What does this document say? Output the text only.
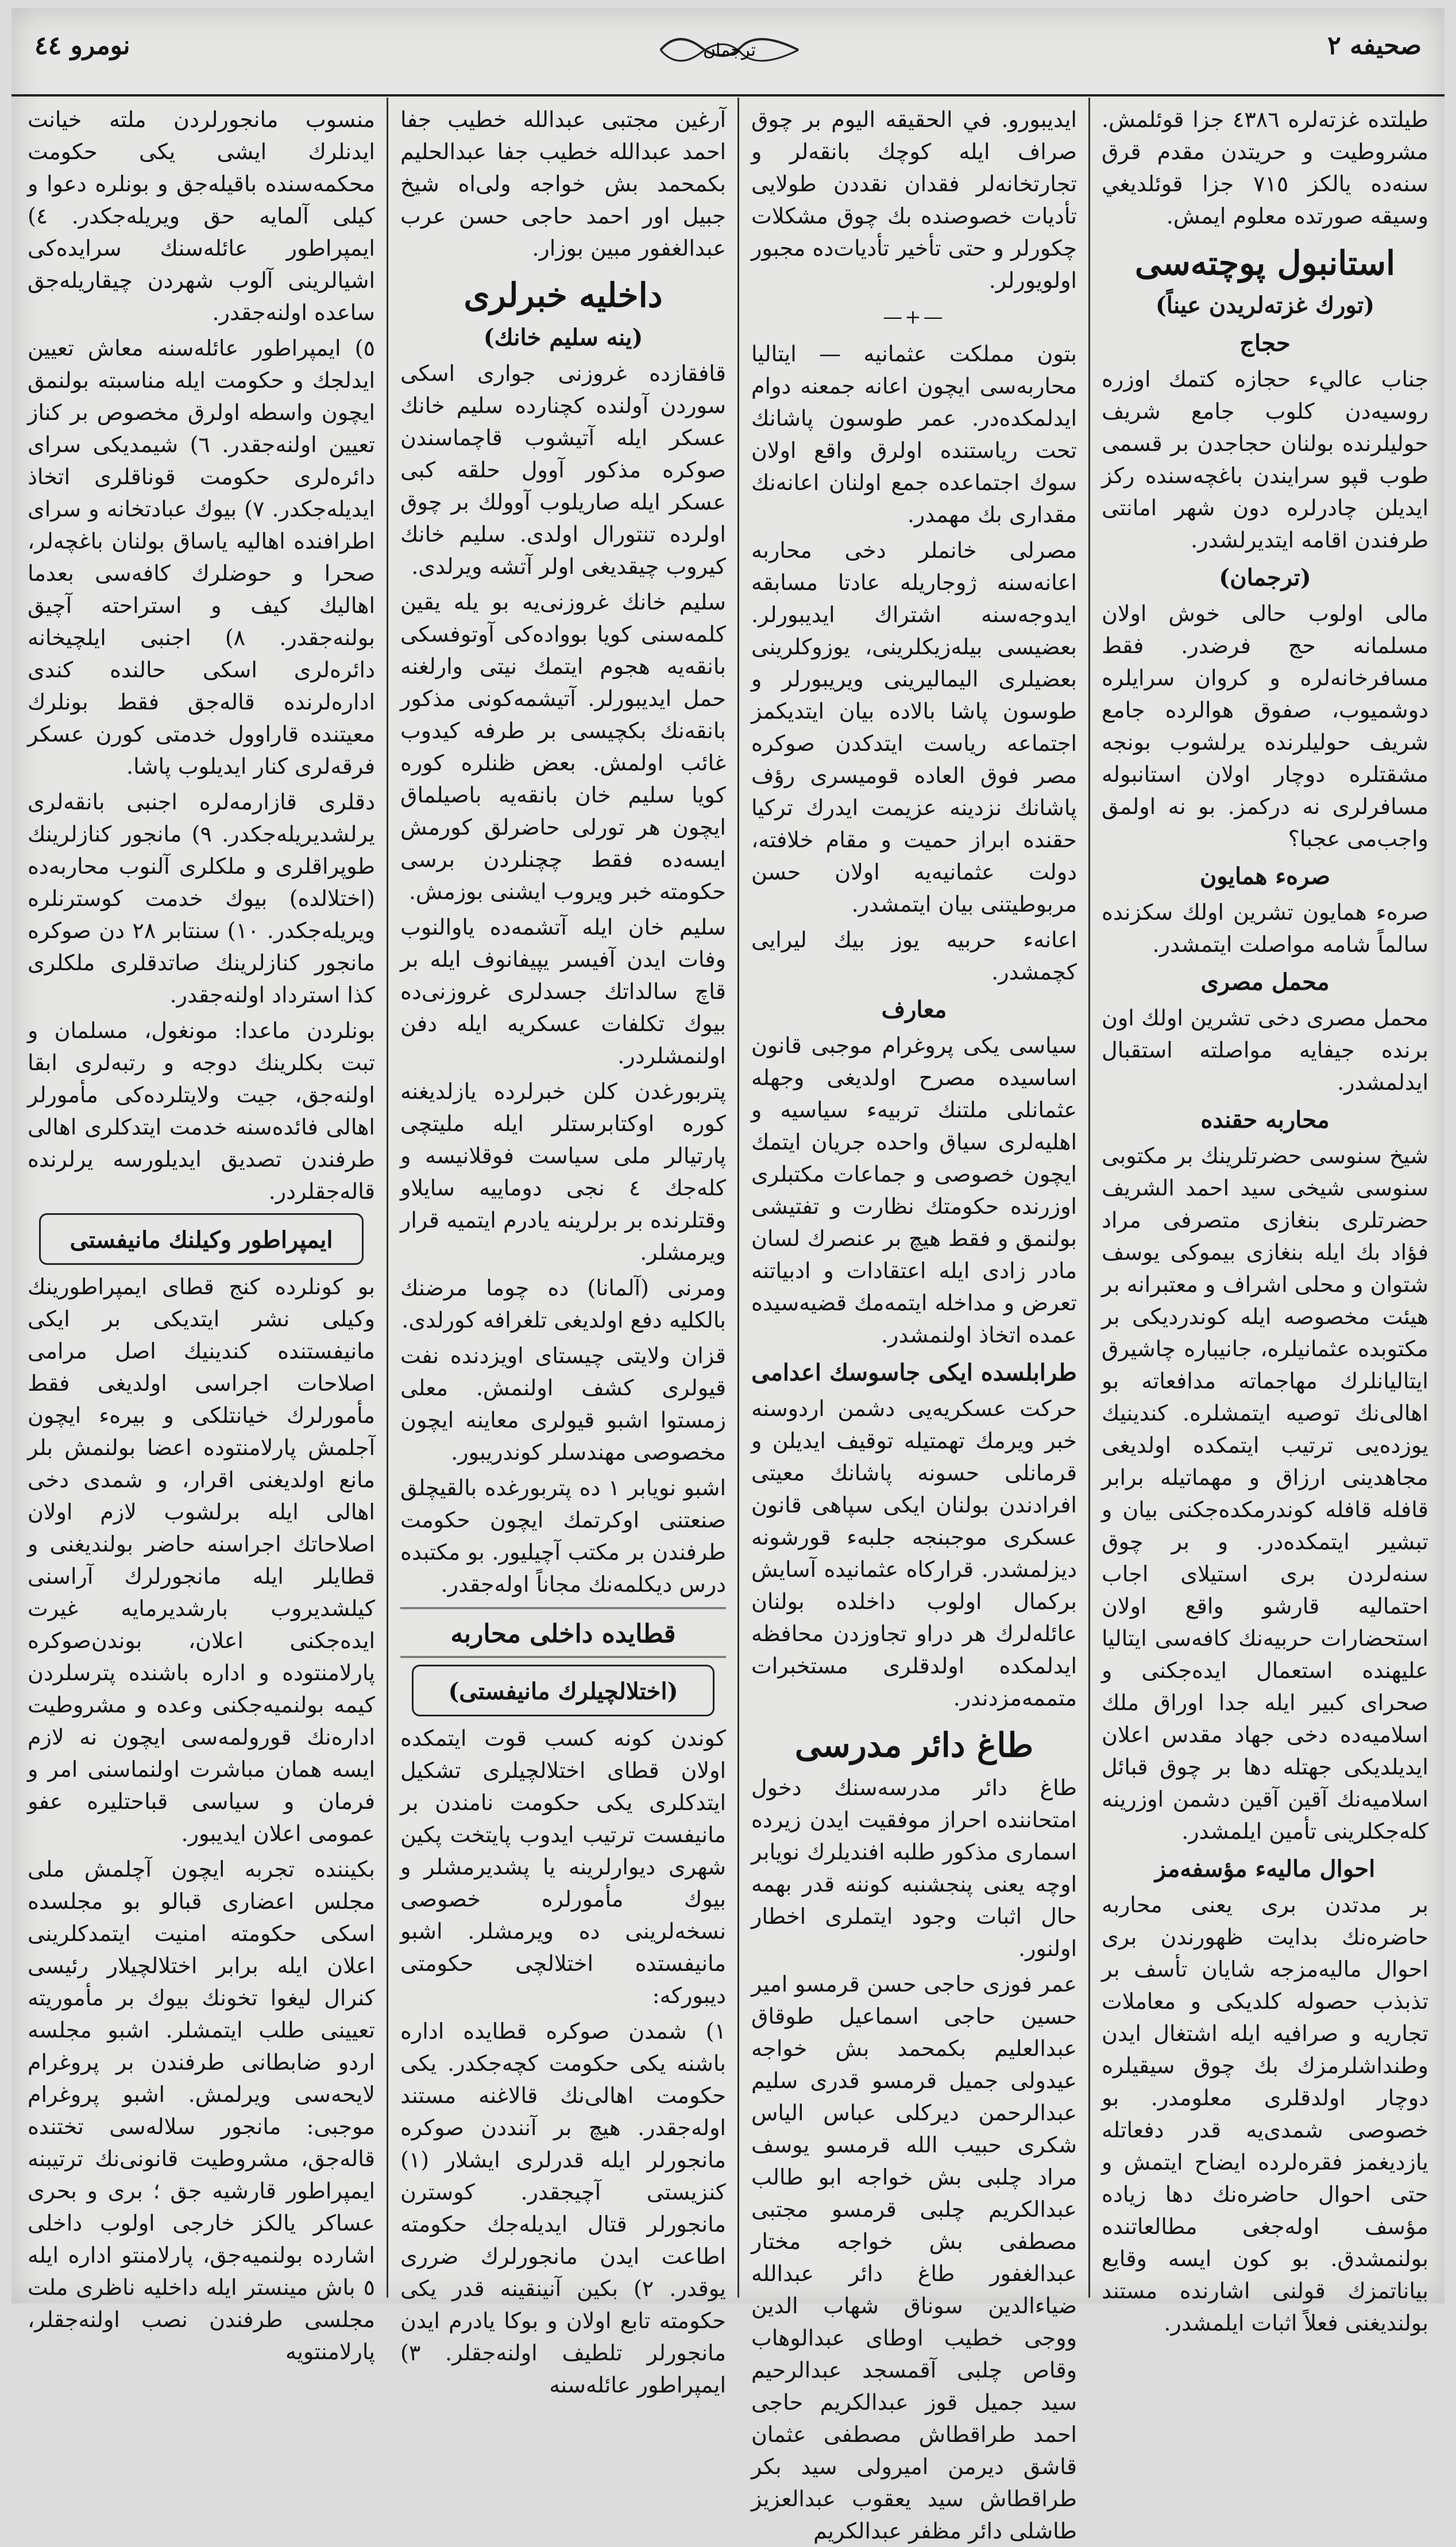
نومرو ٤٤	ترجمان	صحيفه ٢

طيلتده غزته‌لره ٤٣٨٦ جزا قوئلمش. مشروطيت و حريتدن مقدم قرق سنه‌ده يالكز ٧١٥ جزا قوئلديغي وسيقه صورتده معلوم ايمش.

استانبول پوچته‌سى
(تورك غزته‌لريدن عيناً)
حجاج

جناب عاليء حجازه كتمك اوزره روسيه‌دن كلوب جامع شريف حوليلرنده بولنان حجاجدن بر قسمى طوب قپو سرايندن باغچه‌سنده ركز ايديلن چادرلره دون شهر امانتى طرفندن اقامه ايتديرلشدر.

(ترجمان)

مالى اولوب حالى خوش اولان مسلمانه حج فرضدر. فقط مسافرخانه‌لره و كروان سرايلره دوشميوب، صفوق هوالرده جامع شريف حوليلرنده يرلشوب بونجه مشقتلره دوچار اولان استانبوله مسافرلرى نه دركمز. بو نه اولمق واجب‌مى عجبا؟

صرهء همايون

صرهء همايون تشرين اولك سكزنده سالماً شامه مواصلت ايتمشدر.

محمل مصرى

محمل مصرى دخى تشرين اولك اون برنده جيفايه مواصلته استقبال ايدلمشدر.

محاربه حقنده

شيخ سنوسى حضرتلرينك بر مكتوبى سنوسى شيخى سيد احمد الشريف حضرتلرى بنغازى متصرفى مراد فؤاد بك ايله بنغازى بيموكى يوسف شتوان و محلى اشراف و معتبرانه بر هيئت مخصوصه ايله كوندرديكى بر مكتوبده عثمانيلره، جانيباره چاشيرق ايتاليانلرك مهاجماته مدافعاته بو اهالى‌نك توصيه ايتمشلره. كندينيك يوزده‌يى ترتيب ايتمكده اولديغى مجاهدينى ارزاق و مهماتيله برابر قافله قافله كوندرمكده‌جكنى بيان و تبشير ايتمكده‌در. و بر چوق سنه‌لردن برى استيلاى اجاب احتماليه قارشو واقع اولان استحضارات حربيه‌نك كافه‌سى ايتاليا عليهنده استعمال ايده‌جكنى و صحراى كبير ايله جدا اوراق ملك اسلاميه‌ده دخى جهاد مقدس اعلان ايديلديكى جهتله دها بر چوق قبائل اسلاميه‌نك آقين آقين دشمن اوزرينه كله‌جكلرينى تأمين ايلمشدر.

احوال ماليهء مؤسفه‌مز

بر مدتدن برى يعنى محاربه حاضره‌نك بدايت ظهورندن برى احوال ماليه‌مزجه شايان تأسف بر تذبذب حصوله كلديكى و معاملات تجاريه و صرافيه ايله اشتغال ايدن وطنداشلرمزك بك چوق سيقيلره دوچار اولدقلرى معلومدر. بو خصوصى شمدى‌يه قدر دفعاتله يازديغمز فقره‌لرده ايضاح ايتمش و حتى احوال حاضره‌نك دها زياده مؤسف اوله‌جغى مطالعاتنده بولنمشدق. بو كون ايسه وقايع بياناتمزك قولنى اشارنده مستند بولنديغنى فعلاً اثبات ايلمشدر.

ايديبورو. في الحقيقه اليوم بر چوق صراف ايله كوچك بانقه‌لر و تجارتخانه‌لر فقدان نقددن طولايى تأديات خصوصنده بك چوق مشكلات چكورلر و حتى تأخير تأديات‌ده مجبور اولويورلر.

—+—

بتون مملكت عثمانيه — ايتاليا محاربه‌سى ايچون اعانه جمعنه دوام ايدلمكده‌در. عمر طوسون پاشانك تحت رياستنده اولرق واقع اولان سوك اجتماعده جمع اولنان اعانه‌نك مقدارى بك مهمدر.

مصرلى خانملر دخى محاربه اعانه‌سنه ژوجاريله عادتا مسابقه ايدوجه‌سنه اشتراك ايديبورلر. بعضيسى بيله‌زيكلرينى، يوزوكلرينى بعضيلرى اليماليرينى ويريبورلر و طوسون پاشا بالاده بيان ايتديكمز اجتماعه رياست ايتدكدن صوكره مصر فوق العاده قوميسرى رؤف پاشانك نزدينه عزيمت ايدرك تركيا حقنده ابراز حميت و مقام خلافته، دولت عثمانيه‌يه اولان حسن مربوطيتنى بيان ايتمشدر.

اعانهء حربيه يوز بيك ليرايى كچمشدر.

معارف

سياسى يكى پروغرام موجبى قانون اساسيده مصرح اولديغى وجهله عثمانلى ملتنك تربيهء سياسيه و اهليه‌لرى سياق واحده جريان ايتمك ايچون خصوصى و جماعات مكتبلرى اوزرنده حكومتك نظارت و تفتيشى بولنمق و فقط هيچ بر عنصرك لسان مادر زادى ايله اعتقادات و ادبياتنه تعرض و مداخله ايتمه‌مك قضيه‌سيده عمده اتخاذ اولنمشدر.

طرابلسده ايكى جاسوسك اعدامى

حركت عسكريه‌يى دشمن اردوسنه خبر ويرمك تهمتيله توقيف ايديلن و قرمانلى حسونه پاشانك معيتى افرادندن بولنان ايكى سپاهى قانون عسكرى موجبنجه جلبهء قورشونه ديزلمشدر. قراركاه عثمانيده آسايش بركمال اولوب داخلده بولنان عائله‌لرك هر دراو تجاوزدن محافظه ايدلمكده اولدقلرى مستخبرات متممه‌مزدندر.

طاغ دائر مدرسى

طاغ دائر مدرسه‌سنك دخول امتحاننده احراز موفقيت ايدن زيرده اسمارى مذكور طلبه افنديلرك نويابر اوچه يعنى پنجشنبه كوننه قدر بهمه حال اثبات وجود ايتملرى اخطار اولنور.

عمر فوزى حاجى حسن قرمسو امير حسين حاجى اسماعيل طوقاق عبدالعليم بكمحمد بش خواجه عيدولى جميل قرمسو قدرى سليم عبدالرحمن ديركلى عباس الياس شكرى حبيب الله قرمسو يوسف مراد چلبى بش خواجه ابو طالب عبدالكريم چلبى قرمسو مجتبى مصطفى بش خواجه مختار عبدالغفور طاغ دائر عبدالله ضياءالدين سوناق شهاب الدين ووجى خطيب اوطاى عبدالوهاب وقاص چلبى آقمسجد عبدالرحيم سيد جميل قوز عبدالكريم حاجى احمد طراقطاش مصطفى عثمان قاشق ديرمن اميرولى سيد بكر طراقطاش سيد يعقوب عبدالعزيز طاشلى دائر مظفر عبدالكريم

آرغين مجتبى عبدالله خطيب جفا احمد عبدالله خطيب جفا عبدالحليم بكمحمد بش خواجه ولى‌اه شيخ جبيل اور احمد حاجى حسن عرب عبدالغفور مبين بوزار.

داخليه خبرلرى
(ينه سليم خانك)

قافقازده غروزنى جوارى اسكى سوردن آولنده كچنارده سليم خانك عسكر ايله آتيشوب قاچماسندن صوكره مذكور آوول حلقه كبى عسكر ايله صاريلوب آوولك بر چوق اولرده تنتورال اولدى. سليم خانك كيروب چيقديغى اولر آتشه ويرلدى.

سليم خانك غروزنى‌يه بو يله يقين كلمه‌سنى كويا بوواده‌كى آوتوفسكى بانقه‌يه هجوم ايتمك نيتى وارلغنه حمل ايديبورلر. آتيشمه‌كونى مذكور بانقه‌نك بكچيسى بر طرفه كيدوب غائب اولمش. بعض ظنلره كوره كويا سليم خان بانقه‌يه باصيلماق ايچون هر تورلى حاضرلق كورمش ايسه‌ده فقط چچنلردن برسى حكومته خبر ويروب ايشنى بوزمش.

سليم خان ايله آتشمه‌ده ياوالنوب وفات ايدن آفيسر يپيفانوف ايله بر قاچ سالداتك جسدلرى غروزنى‌ده بيوك تكلفات عسكريه ايله دفن اولنمشلردر.

پتربورغدن كلن خبرلرده يازلديغنه كوره اوكتابرستلر ايله مليتچى پارتيالر ملى سياست فوقلانيسه و كله‌جك ٤ نجى دوماييه سايلاو وقتلرنده بر برلرينه يادرم ايتميه قرار ويرمشلر.

ومرنى (آلمانا) ده چوما مرضنك بالكليه دفع اولديغى تلغرافه كورلدى.

قزان ولايتى چيستاى اويزدنده نفت قيولرى كشف اولنمش. معلى زمستوا اشبو قيولرى معاينه ايچون مخصوصى مهندسلر كوندريبور.

اشبو نويابر ١ ده پتربورغده بالقيچلق صنعتنى اوكرتمك ايچون حكومت طرفندن بر مكتب آچيليور. بو مكتبده درس ديكلمه‌نك مجاناً اوله‌جقدر.

قطايده داخلى محاربه
(اختلالچيلرك مانيفستى)

كوندن كونه كسب قوت ايتمكده اولان قطاى اختلالچيلرى تشكيل ايتدكلرى يكى حكومت نامندن بر مانيفست ترتيب ايدوب پايتخت پكين شهرى ديوارلرينه يا پشديرمشلر و بيوك مأمورلره خصوصى نسخه‌لرينى ده ويرمشلر. اشبو مانيفستده اختلالچى حكومتى ديبوركه:

١) شمدن صوكره قطايده اداره باشنه يكى حكومت كچه‌جكدر. يكى حكومت اهالى‌نك قالاغنه مستند اوله‌جقدر. هيچ بر آننددن صوكره مانجورلر ايله قدرلرى ايشلار (١) كنزيستى آچيجقدر. كوسترن مانجورلر قتال ايديله‌جك حكومته اطاعت ايدن مانجورلرك ضررى يوقدر. ٢) بكين آنينقينه قدر يكى حكومته تابع اولان و بوكا يادرم ايدن مانجورلر تلطيف اولنه‌جقلر. ٣) ايمپراطور عائله‌سنه

منسوب مانجورلردن ملته خيانت ايدنلرك ايشى يكى حكومت محكمه‌سنده باقيله‌جق و بونلره دعوا و كيلى آلمايه حق ويريله‌جكدر. ٤) ايمپراطور عائله‌سنك سرايده‌كى اشيالرينى آلوب شهردن چيقاريله‌جق ساعده اولنه‌جقدر.

٥) ايمپراطور عائله‌سنه معاش تعيين ايدلجك و حكومت ايله مناسبته بولنمق ايچون واسطه اولرق مخصوص بر كناز تعيين اولنه‌جقدر. ٦) شيمديكى سراى دائره‌لرى حكومت قوناقلرى اتخاذ ايديله‌جكدر. ٧) بيوك عبادتخانه و سراى اطرافنده اهاليه ياساق بولنان باغچه‌لر، صحرا و حوضلرك كافه‌سى بعدما اهاليك كيف و استراحته آچيق بولنه‌جقدر. ٨) اجنبى ايلچيخانه دائره‌لرى اسكى حالنده كندى اداره‌لرنده قاله‌جق فقط بونلرك معيتنده قاراوول خدمتى كورن عسكر فرقه‌لرى كنار ايديلوب پاشا.

دقلرى قازارمه‌لره اجنبى بانقه‌لرى يرلشديريله‌جكدر. ٩) مانجور كنازلرينك طوپراقلرى و ملكلرى آلنوب محاربه‌ده (اختلالده) بيوك خدمت كوسترنلره ويريله‌جكدر. ١٠) سنتابر ٢٨ دن صوكره مانجور كنازلرينك صاتدقلرى ملكلرى كذا استرداد اولنه‌جقدر.

بونلردن ماعدا: مونغول، مسلمان و تبت بكلرينك دوجه و رتبه‌لرى ابقا اولنه‌جق، جيت ولايتلرده‌كى مأمورلر اهالى فائده‌سنه خدمت ايتدكلرى اهالى طرفندن تصديق ايديلورسه يرلرنده قاله‌جقلردر.

ايمپراطور وكيلنك مانيفستى

بو كونلرده كنج قطاى ايمپراطورينك وكيلى نشر ايتديكى بر ايكى مانيفستنده كندينيك اصل مرامى اصلاحات اجراسى اولديغى فقط مأمورلرك خيانتلكى و بيرهء ايچون آجلمش پارلامنتوده اعضا بولنمش بلر مانع اولديغنى اقرار، و شمدى دخى اهالى ايله برلشوب لازم اولان اصلاحاتك اجراسنه حاضر بولنديغنى و قطايلر ايله مانجورلرك آراسنى كيلشديروب بارشديرمايه غيرت ايده‌جكنى اعلان، بوندن‌صوكره پارلامنتوده و اداره باشنده پترسلردن كيمه بولنميه‌جكنى وعده و مشروطيت اداره‌نك قورولمه‌سى ايچون نه لازم ايسه همان مباشرت اولنماسنى امر و فرمان و سياسى قباحتليره عفو عمومى اعلان ايديبور.

بكيننده تجربه ايچون آچلمش ملى مجلس اعضارى قبالو بو مجلسده اسكى حكومته امنيت ايتمدكلرينى اعلان ايله برابر اختلالچيلار رئيسى كنرال ليغوا تخونك بيوك بر مأموريته تعيينى طلب ايتمشلر. اشبو مجلسه اردو ضابطانى طرفندن بر پروغرام لايحه‌سى ويرلمش. اشبو پروغرام موجبى: مانجور سلاله‌سى تختنده قاله‌جق، مشروطيت قانونى‌نك ترتيبنه ايمپراطور قارشيه جق ؛ برى و بحرى عساكر يالكز خارجى اولوب داخلى اشارده بولنميه‌جق، پارلامنتو اداره ايله ٥ باش مينستر ايله داخليه ناظرى ملت مجلسى طرفندن نصب اولنه‌جقلر، پارلامنتويه
